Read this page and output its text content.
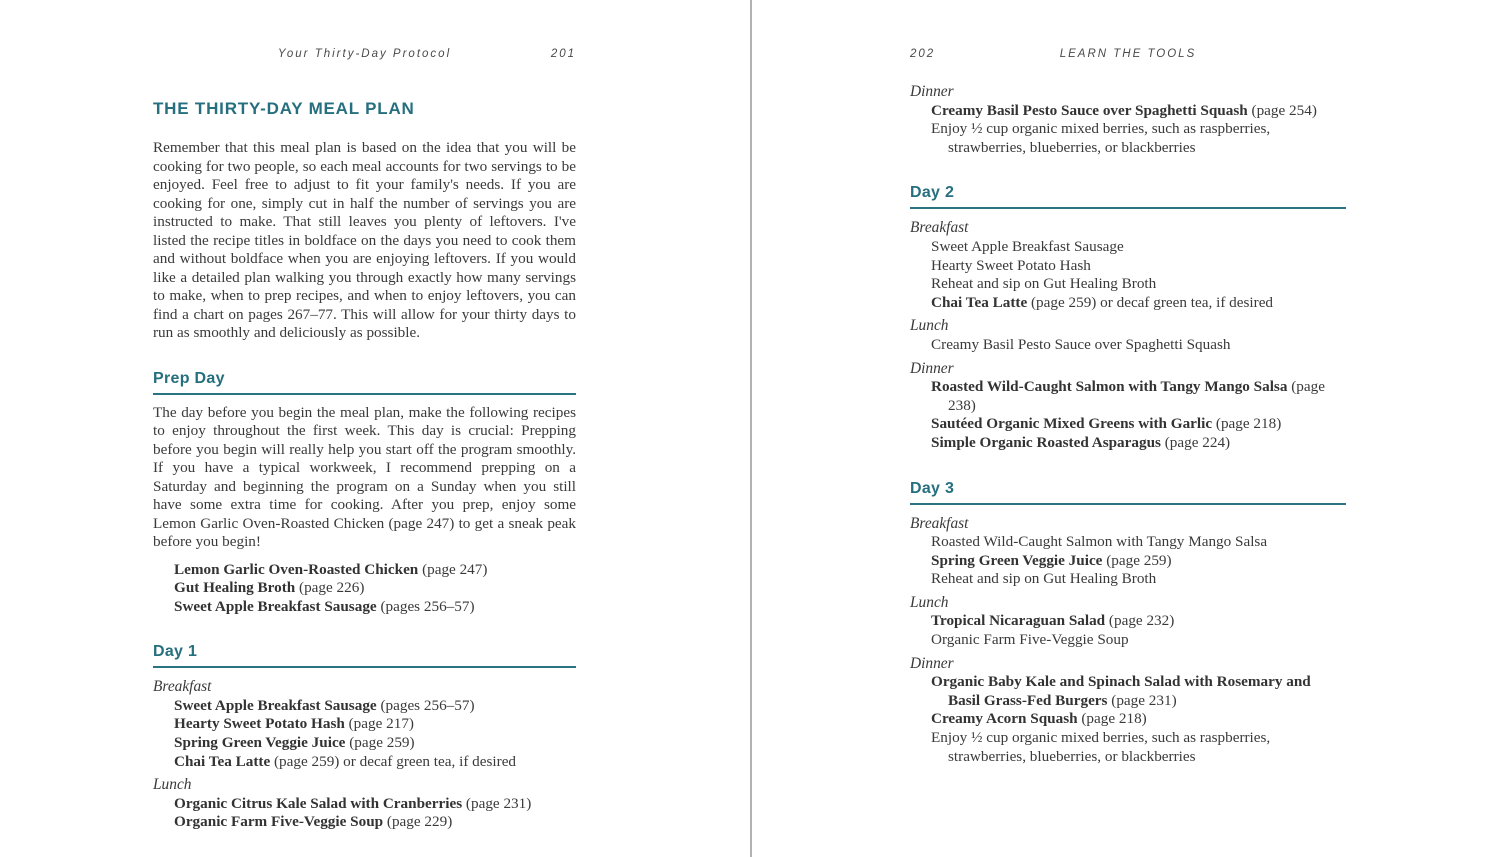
Your Thirty-Day Protocol	201
THE THIRTY-DAY MEAL PLAN

Remember that this meal plan is based on the idea that you will be cooking for two people, so each meal accounts for two servings to be enjoyed. Feel free to adjust to fit your family's needs. If you are cooking for one, simply cut in half the number of servings you are instructed to make. That still leaves you plenty of leftovers. I've listed the recipe titles in boldface on the days you need to cook them and without boldface when you are enjoying leftovers. If you would like a detailed plan walking you through exactly how many servings to make, when to prep recipes, and when to enjoy leftovers, you can find a chart on pages 267–77. This will allow for your thirty days to run as smoothly and deliciously as possible.

Prep Day
The day before you begin the meal plan, make the following recipes to enjoy throughout the first week. This day is crucial: Prepping before you begin will really help you start off the program smoothly. If you have a typical workweek, I recommend prepping on a Saturday and beginning the program on a Sunday when you still have some extra time for cooking. After you prep, enjoy some Lemon Garlic Oven-Roasted Chicken (page 247) to get a sneak peak before you begin!
Lemon Garlic Oven-Roasted Chicken (page 247)
Gut Healing Broth (page 226)
Sweet Apple Breakfast Sausage (pages 256–57)
Day 1
Breakfast
Sweet Apple Breakfast Sausage (pages 256–57)
Hearty Sweet Potato Hash (page 217)
Spring Green Veggie Juice (page 259)
Chai Tea Latte (page 259) or decaf green tea, if desired
Lunch
Organic Citrus Kale Salad with Cranberries (page 231)
Organic Farm Five-Veggie Soup (page 229)
202	LEARN THE TOOLS
Dinner
Creamy Basil Pesto Sauce over Spaghetti Squash (page 254)
Enjoy ½ cup organic mixed berries, such as raspberries, strawberries, blueberries, or blackberries
Day 2
Breakfast
Sweet Apple Breakfast Sausage
Hearty Sweet Potato Hash
Reheat and sip on Gut Healing Broth
Chai Tea Latte (page 259) or decaf green tea, if desired
Lunch
Creamy Basil Pesto Sauce over Spaghetti Squash
Dinner
Roasted Wild-Caught Salmon with Tangy Mango Salsa (page 238)
Sautéed Organic Mixed Greens with Garlic (page 218)
Simple Organic Roasted Asparagus (page 224)
Day 3
Breakfast
Roasted Wild-Caught Salmon with Tangy Mango Salsa
Spring Green Veggie Juice (page 259)
Reheat and sip on Gut Healing Broth
Lunch
Tropical Nicaraguan Salad (page 232)
Organic Farm Five-Veggie Soup
Dinner
Organic Baby Kale and Spinach Salad with Rosemary and Basil Grass-Fed Burgers (page 231)
Creamy Acorn Squash (page 218)
Enjoy ½ cup organic mixed berries, such as raspberries, strawberries, blueberries, or blackberries
